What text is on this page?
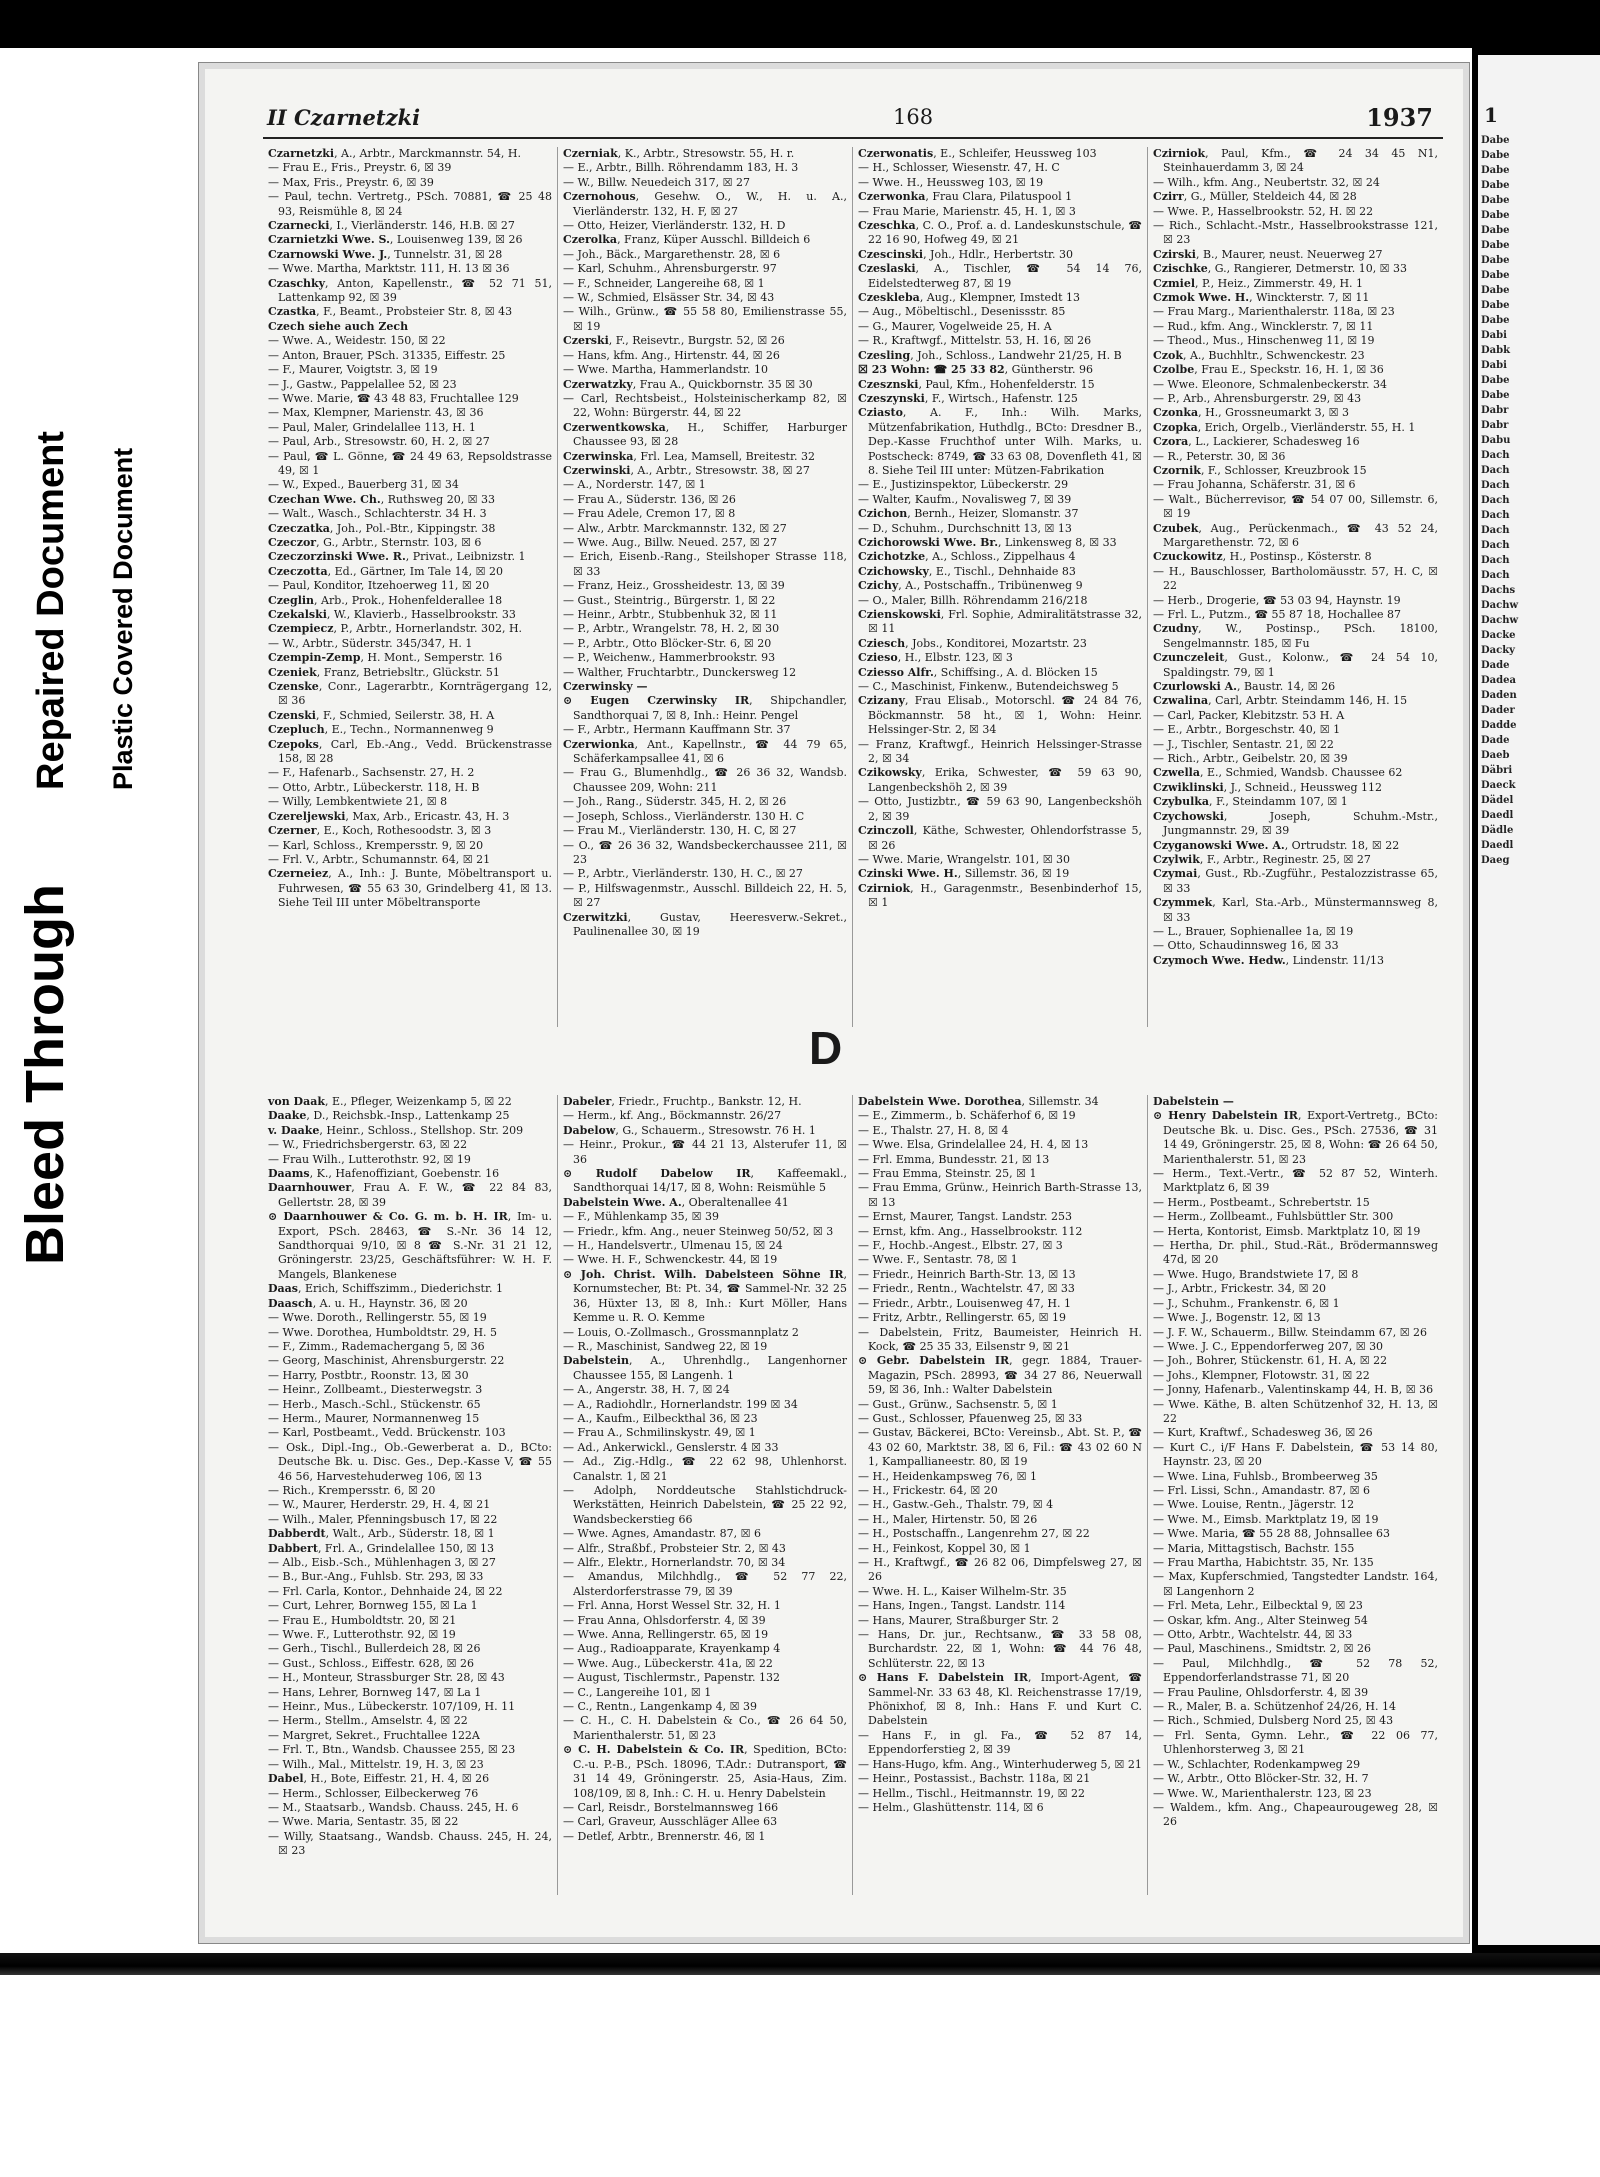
1
Dabe
Dabe
Dabe
Dabe
Dabe
Dabe
Dabe
Dabe
Dabe
Dabe
Dabe
Dabe
Dabe
Dabi
Dabk
Dabi
Dabe
Dabe
Dabr
Dabr
Dabu
Dach
Dach
Dach
Dach
Dach
Dach
Dach
Dach
Dach
Dachs
Dachw
Dachw
Dacke
Dacky
Dade
Dadea
Daden
Dader
Dadde
Dade
Daeb
Däbri
Daeck
Dädel
Daedl
Dädle
Daedl
Daeg
Bleed Through
Repaired Document Plastic Covered Document
II Czarnetzki	168	1937
Czarnetzki, A., Arbtr., Marckmannstr. 54, H.
— Frau E., Fris., Preystr. 6, ☒ 39
— Max, Fris., Preystr. 6, ☒ 39
— Paul, techn. Vertretg., PSch. 70881, ☎ 25 48 93, Reismühle 8, ☒ 24
Czarnecki, I., Vierländerstr. 146, H.B. ☒ 27
Czarnietzki Wwe. S., Louisenweg 139, ☒ 26
Czarnowski Wwe. J., Tunnelstr. 31, ☒ 28
— Wwe. Martha, Marktstr. 111, H. 13 ☒ 36
Czaschky, Anton, Kapellenstr., ☎ 52 71 51, Lattenkamp 92, ☒ 39
Czastka, F., Beamt., Probsteier Str. 8, ☒ 43
Czech siehe auch Zech
— Wwe. A., Weidestr. 150, ☒ 22
— Anton, Brauer, PSch. 31335, Eiffestr. 25
— F., Maurer, Voigtstr. 3, ☒ 19
— J., Gastw., Pappelallee 52, ☒ 23
— Wwe. Marie, ☎ 43 48 83, Fruchtallee 129
— Max, Klempner, Marienstr. 43, ☒ 36
— Paul, Maler, Grindelallee 113, H. 1
— Paul, Arb., Stresowstr. 60, H. 2, ☒ 27
— Paul, ☎ L. Gönne, ☎ 24 49 63, Repsoldstrasse 49, ☒ 1
— W., Exped., Bauerberg 31, ☒ 34
Czechan Wwe. Ch., Ruthsweg 20, ☒ 33
— Walt., Wasch., Schlachterstr. 34 H. 3
Czeczatka, Joh., Pol.-Btr., Kippingstr. 38
Czeczor, G., Arbtr., Sternstr. 103, ☒ 6
Czeczorzinski Wwe. R., Privat., Leibnizstr. 1
Czeczotta, Ed., Gärtner, Im Tale 14, ☒ 20
— Paul, Konditor, Itzehoerweg 11, ☒ 20
Czeglin, Arb., Prok., Hohenfelderallee 18
Czekalski, W., Klavierb., Hasselbrookstr. 33
Czempiecz, P., Arbtr., Hornerlandstr. 302, H.
— W., Arbtr., Süderstr. 345/347, H. 1
Czempin-Zemp, H. Mont., Semperstr. 16
Czeniek, Franz, Betriebsltr., Glückstr. 51
Czenske, Conr., Lagerarbtr., Kornträgergang 12, ☒ 36
Czenski, F., Schmied, Seilerstr. 38, H. A
Czepluch, E., Techn., Normannenweg 9
Czepoks, Carl, Eb.-Ang., Vedd. Brückenstrasse 158, ☒ 28
— F., Hafenarb., Sachsenstr. 27, H. 2
— Otto, Arbtr., Lübeckerstr. 118, H. B
— Willy, Lembkentwiete 21, ☒ 8
Czereljewski, Max, Arb., Ericastr. 43, H. 3
Czerner, E., Koch, Rothesoodstr. 3, ☒ 3
— Karl, Schloss., Krempersstr. 9, ☒ 20
— Frl. V., Arbtr., Schumannstr. 64, ☒ 21
Czerneiez, A., Inh.: J. Bunte, Möbeltransport u. Fuhrwesen, ☎ 55 63 30, Grindelberg 41, ☒ 13. Siehe Teil III unter Möbeltransporte
Czerniak, K., Arbtr., Stresowstr. 55, H. r.
— E., Arbtr., Billh. Röhrendamm 183, H. 3
— W., Billw. Neuedeich 317, ☒ 27
Czernohous, Gesehw. O., W., H. u. A., Vierländerstr. 132, H. F, ☒ 27
— Otto, Heizer, Vierländerstr. 132, H. D
Czerolka, Franz, Küper Ausschl. Billdeich 6
— Joh., Bäck., Margarethenstr. 28, ☒ 6
— Karl, Schuhm., Ahrensburgerstr. 97
— F., Schneider, Langereihe 68, ☒ 1
— W., Schmied, Elsässer Str. 34, ☒ 43
— Wilh., Grünw., ☎ 55 58 80, Emilienstrasse 55, ☒ 19
Czerski, F., Reisevtr., Burgstr. 52, ☒ 26
— Hans, kfm. Ang., Hirtenstr. 44, ☒ 26
— Wwe. Martha, Hammerlandstr. 10
Czerwatzky, Frau A., Quickbornstr. 35 ☒ 30
— Carl, Rechtsbeist., Holsteinischerkamp 82, ☒ 22, Wohn: Bürgerstr. 44, ☒ 22
Czerwentkowska, H., Schiffer, Harburger Chaussee 93, ☒ 28
Czerwinska, Frl. Lea, Mamsell, Breitestr. 32
Czerwinski, A., Arbtr., Stresowstr. 38, ☒ 27
— A., Norderstr. 147, ☒ 1
— Frau A., Süderstr. 136, ☒ 26
— Frau Adele, Cremon 17, ☒ 8
— Alw., Arbtr. Marckmannstr. 132, ☒ 27
— Wwe. Aug., Billw. Neued. 257, ☒ 27
— Erich, Eisenb.-Rang., Steilshoper Strasse 118, ☒ 33
— Franz, Heiz., Grossheidestr. 13, ☒ 39
— Gust., Steintrig., Bürgerstr. 1, ☒ 22
— Heinr., Arbtr., Stubbenhuk 32, ☒ 11
— P., Arbtr., Wrangelstr. 78, H. 2, ☒ 30
— P., Arbtr., Otto Blöcker-Str. 6, ☒ 20
— P., Weichenw., Hammerbrookstr. 93
— Walther, Fruchtarbtr., Dunckersweg 12
Czerwinsky —
⊙ Eugen Czerwinsky IR, Shipchandler, Sandthorquai 7, ☒ 8, Inh.: Heinr. Pengel
— F., Arbtr., Hermann Kauffmann Str. 37
Czerwionka, Ant., Kapellnstr., ☎ 44 79 65, Schäferkampsallee 41, ☒ 6
— Frau G., Blumenhdlg., ☎ 26 36 32, Wandsb. Chaussee 209, Wohn: 211
— Joh., Rang., Süderstr. 345, H. 2, ☒ 26
— Joseph, Schloss., Vierländerstr. 130 H. C
— Frau M., Vierländerstr. 130, H. C, ☒ 27
— O., ☎ 26 36 32, Wandsbeckerchaussee 211, ☒ 23
— P., Arbtr., Vierländerstr. 130, H. C., ☒ 27
— P., Hilfswagenmstr., Ausschl. Billdeich 22, H. 5, ☒ 27
Czerwitzki, Gustav, Heeresverw.-Sekret., Paulinenallee 30, ☒ 19
Czerwonatis, E., Schleifer, Heussweg 103
— H., Schlosser, Wiesenstr. 47, H. C
— Wwe. H., Heussweg 103, ☒ 19
Czerwonka, Frau Clara, Pilatuspool 1
— Frau Marie, Marienstr. 45, H. 1, ☒ 3
Czeschka, C. O., Prof. a. d. Landeskunstschule, ☎ 22 16 90, Hofweg 49, ☒ 21
Czescinski, Joh., Hdlr., Herbertstr. 30
Czeslaski, A., Tischler, ☎ 54 14 76, Eidelstedterweg 87, ☒ 19
Czeskleba, Aug., Klempner, Imstedt 13
— Aug., Möbeltischl., Desenissstr. 85
— G., Maurer, Vogelweide 25, H. A
— R., Kraftwgf., Mittelstr. 53, H. 16, ☒ 26
Czesling, Joh., Schloss., Landwehr 21/25, H. B
☒ 23 Wohn: ☎ 25 33 82, Güntherstr. 96
Czesznski, Paul, Kfm., Hohenfelderstr. 15
Czeszynski, F., Wirtsch., Hafenstr. 125
Cziasto, A. F., Inh.: Wilh. Marks, Mützenfabrikation, Huthdlg., BCto: Dresdner B., Dep.-Kasse Fruchthof unter Wilh. Marks, u. Postscheck: 8749, ☎ 33 63 08, Dovenfleth 41, ☒ 8. Siehe Teil III unter: Mützen-Fabrikation
— E., Justizinspektor, Lübeckerstr. 29
— Walter, Kaufm., Novalisweg 7, ☒ 39
Czichon, Bernh., Heizer, Slomanstr. 37
— D., Schuhm., Durchschnitt 13, ☒ 13
Czichorowski Wwe. Br., Linkensweg 8, ☒ 33
Czichotzke, A., Schloss., Zippelhaus 4
Czichowsky, E., Tischl., Dehnhaide 83
Czichy, A., Postschaffn., Tribünenweg 9
— O., Maler, Billh. Röhrendamm 216/218
Czienskowski, Frl. Sophie, Admiralitätstrasse 32, ☒ 11
Cziesch, Jobs., Konditorei, Mozartstr. 23
Czieso, H., Elbstr. 123, ☒ 3
Cziesso Alfr., Schiffsing., A. d. Blöcken 15
— C., Maschinist, Finkenw., Butendeichsweg 5
Czizany, Frau Elisab., Motorschl. ☎ 24 84 76, Böckmannstr. 58 ht., ☒ 1, Wohn: Heinr. Helssinger-Str. 2, ☒ 34
— Franz, Kraftwgf., Heinrich Helssinger-Strasse 2, ☒ 34
Czikowsky, Erika, Schwester, ☎ 59 63 90, Langenbeckshöh 2, ☒ 39
— Otto, Justizbtr., ☎ 59 63 90, Langenbeckshöh 2, ☒ 39
Czinczoll, Käthe, Schwester, Ohlendorfstrasse 5, ☒ 26
— Wwe. Marie, Wrangelstr. 101, ☒ 30
Czinski Wwe. H., Sillemstr. 36, ☒ 19
Czirniok, H., Garagenmstr., Besenbinderhof 15, ☒ 1
Czirniok, Paul, Kfm., ☎ 24 34 45 N1, Steinhauerdamm 3, ☒ 24
— Wilh., kfm. Ang., Neubertstr. 32, ☒ 24
Czirr, G., Müller, Steldeich 44, ☒ 28
— Wwe. P., Hasselbrookstr. 52, H. ☒ 22
— Rich., Schlacht.-Mstr., Hasselbrookstrasse 121, ☒ 23
Czirski, B., Maurer, neust. Neuerweg 27
Czischke, G., Rangierer, Detmerstr. 10, ☒ 33
Czmiel, P., Heiz., Zimmerstr. 49, H. 1
Czmok Wwe. H., Winckterstr. 7, ☒ 11
— Frau Marg., Marienthalerstr. 118a, ☒ 23
— Rud., kfm. Ang., Wincklerstr. 7, ☒ 11
— Theod., Mus., Hinschenweg 11, ☒ 19
Czok, A., Buchhltr., Schwenckestr. 23
Czolbe, Frau E., Speckstr. 16, H. 1, ☒ 36
— Wwe. Eleonore, Schmalenbeckerstr. 34
— P., Arb., Ahrensburgerstr. 29, ☒ 43
Czonka, H., Grossneumarkt 3, ☒ 3
Czopka, Erich, Orgelb., Vierländerstr. 55, H. 1
Czora, L., Lackierer, Schadesweg 16
— R., Peterstr. 30, ☒ 36
Czornik, F., Schlosser, Kreuzbrook 15
— Frau Johanna, Schäferstr. 31, ☒ 6
— Walt., Bücherrevisor, ☎ 54 07 00, Sillemstr. 6, ☒ 19
Czubek, Aug., Perückenmach., ☎ 43 52 24, Margarethenstr. 72, ☒ 6
Czuckowitz, H., Postinsp., Kösterstr. 8
— H., Bauschlosser, Bartholomäusstr. 57, H. C, ☒ 22
— Herb., Drogerie, ☎ 53 03 94, Haynstr. 19
— Frl. L., Putzm., ☎ 55 87 18, Hochallee 87
Czudny, W., Postinsp., PSch. 18100, Sengelmannstr. 185, ☒ Fu
Czunczeleit, Gust., Kolonw., ☎ 24 54 10, Spaldingstr. 79, ☒ 1
Czurlowski A., Baustr. 14, ☒ 26
Czwalina, Carl, Arbtr. Steindamm 146, H. 15
— Carl, Packer, Klebitzstr. 53 H. A
— E., Arbtr., Borgeschstr. 40, ☒ 1
— J., Tischler, Sentastr. 21, ☒ 22
— Rich., Arbtr., Geibelstr. 20, ☒ 39
Czwella, E., Schmied, Wandsb. Chaussee 62
Czwiklinski, J., Schneid., Heussweg 112
Czybulka, F., Steindamm 107, ☒ 1
Czychowski, Joseph, Schuhm.-Mstr., Jungmannstr. 29, ☒ 39
Czyganowski Wwe. A., Ortrudstr. 18, ☒ 22
Czylwik, F., Arbtr., Reginestr. 25, ☒ 27
Czymai, Gust., Rb.-Zugführ., Pestalozzistrasse 65, ☒ 33
Czymmek, Karl, Sta.-Arb., Münstermannsweg 8, ☒ 33
— L., Brauer, Sophienallee 1a, ☒ 19
— Otto, Schaudinnsweg 16, ☒ 33
Czymoch Wwe. Hedw., Lindenstr. 11/13
D
von Daak, E., Pfleger, Weizenkamp 5, ☒ 22
Daake, D., Reichsbk.-Insp., Lattenkamp 25
v. Daake, Heinr., Schloss., Stellshop. Str. 209
— W., Friedrichsbergerstr. 63, ☒ 22
— Frau Wilh., Lutterothstr. 92, ☒ 19
Daams, K., Hafenoffiziant, Goebenstr. 16
Daarnhouwer, Frau A. F. W., ☎ 22 84 83, Gellertstr. 28, ☒ 39
⊙ Daarnhouwer & Co. G. m. b. H. IR, Im- u. Export, PSch. 28463, ☎ S.-Nr. 36 14 12, Sandthorquai 9/10, ☒ 8 ☎ S.-Nr. 31 21 12, Gröningerstr. 23/25, Geschäftsführer: W. H. F. Mangels, Blankenese
Daas, Erich, Schiffszimm., Diederichstr. 1
Daasch, A. u. H., Haynstr. 36, ☒ 20
— Wwe. Doroth., Rellingerstr. 55, ☒ 19
— Wwe. Dorothea, Humboldtstr. 29, H. 5
— F., Zimm., Rademachergang 5, ☒ 36
— Georg, Maschinist, Ahrensburgerstr. 22
— Harry, Postbtr., Roonstr. 13, ☒ 30
— Heinr., Zollbeamt., Diesterwegstr. 3
— Herb., Masch.-Schl., Stückenstr. 65
— Herm., Maurer, Normannenweg 15
— Karl, Postbeamt., Vedd. Brückenstr. 103
— Osk., Dipl.-Ing., Ob.-Gewerberat a. D., BCto: Deutsche Bk. u. Disc. Ges., Dep.-Kasse V, ☎ 55 46 56, Harvestehuderweg 106, ☒ 13
— Rich., Krempersstr. 6, ☒ 20
— W., Maurer, Herderstr. 29, H. 4, ☒ 21
— Wilh., Maler, Pfenningsbusch 17, ☒ 22
Dabberdt, Walt., Arb., Süderstr. 18, ☒ 1
Dabbert, Frl. A., Grindelallee 150, ☒ 13
— Alb., Eisb.-Sch., Mühlenhagen 3, ☒ 27
— B., Bur.-Ang., Fuhlsb. Str. 293, ☒ 33
— Frl. Carla, Kontor., Dehnhaide 24, ☒ 22
— Curt, Lehrer, Bornweg 155, ☒ La 1
— Frau E., Humboldtstr. 20, ☒ 21
— Wwe. F., Lutterothstr. 92, ☒ 19
— Gerh., Tischl., Bullerdeich 28, ☒ 26
— Gust., Schloss., Eiffestr. 628, ☒ 26
— H., Monteur, Strassburger Str. 28, ☒ 43
— Hans, Lehrer, Bornweg 147, ☒ La 1
— Heinr., Mus., Lübeckerstr. 107/109, H. 11
— Herm., Stellm., Amselstr. 4, ☒ 22
— Margret, Sekret., Fruchtallee 122A
— Frl. T., Btn., Wandsb. Chaussee 255, ☒ 23
— Wilh., Mal., Mittelstr. 19, H. 3, ☒ 23
Dabel, H., Bote, Eiffestr. 21, H. 4, ☒ 26
— Herm., Schlosser, Eilbeckerweg 76
— M., Staatsarb., Wandsb. Chauss. 245, H. 6
— Wwe. Maria, Sentastr. 35, ☒ 22
— Willy, Staatsang., Wandsb. Chauss. 245, H. 24, ☒ 23
Dabeler, Friedr., Fruchtp., Bankstr. 12, H.
— Herm., kf. Ang., Böckmannstr. 26/27
Dabelow, G., Schauerm., Stresowstr. 76 H. 1
— Heinr., Prokur., ☎ 44 21 13, Alsterufer 11, ☒ 36
⊙ Rudolf Dabelow IR, Kaffeemakl., Sandthorquai 14/17, ☒ 8, Wohn: Reismühle 5
Dabelstein Wwe. A., Oberaltenallee 41
— F., Mühlenkamp 35, ☒ 39
— Friedr., kfm. Ang., neuer Steinweg 50/52, ☒ 3
— H., Handelsvertr., Ulmenau 15, ☒ 24
— Wwe. H. F., Schwenckestr. 44, ☒ 19
⊙ Joh. Christ. Wilh. Dabelsteen Söhne IR, Kornumstecher, Bt: Pt. 34, ☎ Sammel-Nr. 32 25 36, Hüxter 13, ☒ 8, Inh.: Kurt Möller, Hans Kemme u. R. O. Kemme
— Louis, O.-Zollmasch., Grossmannplatz 2
— R., Maschinist, Sandweg 22, ☒ 19
Dabelstein, A., Uhrenhdlg., Langenhorner Chaussee 155, ☒ Langenh. 1
— A., Angerstr. 38, H. 7, ☒ 24
— A., Radiohdlr., Hornerlandstr. 199 ☒ 34
— A., Kaufm., Eilbeckthal 36, ☒ 23
— Frau A., Schmilinskystr. 49, ☒ 1
— Ad., Ankerwickl., Genslerstr. 4 ☒ 33
— Ad., Zig.-Hdlg., ☎ 22 62 98, Uhlenhorst. Canalstr. 1, ☒ 21
— Adolph, Norddeutsche Stahlstichdruck-Werkstätten, Heinrich Dabelstein, ☎ 25 22 92, Wandsbeckerstieg 66
— Wwe. Agnes, Amandastr. 87, ☒ 6
— Alfr., Straßbf., Probsteier Str. 2, ☒ 43
— Alfr., Elektr., Hornerlandstr. 70, ☒ 34
— Amandus, Milchhdlg., ☎ 52 77 22, Alsterdorferstrasse 79, ☒ 39
— Frl. Anna, Horst Wessel Str. 32, H. 1
— Frau Anna, Ohlsdorferstr. 4, ☒ 39
— Wwe. Anna, Rellingerstr. 65, ☒ 19
— Aug., Radioapparate, Krayenkamp 4
— Wwe. Aug., Lübeckerstr. 41a, ☒ 22
— August, Tischlermstr., Papenstr. 132
— C., Langereihe 101, ☒ 1
— C., Rentn., Langenkamp 4, ☒ 39
— C. H., C. H. Dabelstein & Co., ☎ 26 64 50, Marienthalerstr. 51, ☒ 23
⊙ C. H. Dabelstein & Co. IR, Spedition, BCto: C.-u. P.-B., PSch. 18096, T.Adr.: Dutransport, ☎ 31 14 49, Gröningerstr. 25, Asia-Haus, Zim. 108/109, ☒ 8, Inh.: C. H. u. Henry Dabelstein
— Carl, Reisdr., Borstelmannsweg 166
— Carl, Graveur, Ausschläger Allee 63
— Detlef, Arbtr., Brennerstr. 46, ☒ 1
Dabelstein Wwe. Dorothea, Sillemstr. 34
— E., Zimmerm., b. Schäferhof 6, ☒ 19
— E., Thalstr. 27, H. 8, ☒ 4
— Wwe. Elsa, Grindelallee 24, H. 4, ☒ 13
— Frl. Emma, Bundesstr. 21, ☒ 13
— Frau Emma, Steinstr. 25, ☒ 1
— Frau Emma, Grünw., Heinrich Barth-Strasse 13, ☒ 13
— Ernst, Maurer, Tangst. Landstr. 253
— Ernst, kfm. Ang., Hasselbrookstr. 112
— F., Hochb.-Angest., Elbstr. 27, ☒ 3
— Wwe. F., Sentastr. 78, ☒ 1
— Friedr., Heinrich Barth-Str. 13, ☒ 13
— Friedr., Rentn., Wachtelstr. 47, ☒ 33
— Friedr., Arbtr., Louisenweg 47, H. 1
— Fritz, Arbtr., Rellingerstr. 65, ☒ 19
— Dabelstein, Fritz, Baumeister, Heinrich H. Kock, ☎ 25 35 33, Eilsenstr 9, ☒ 21
⊙ Gebr. Dabelstein IR, gegr. 1884, Trauer-Magazin, PSch. 28993, ☎ 34 27 86, Neuerwall 59, ☒ 36, Inh.: Walter Dabelstein
— Gust., Grünw., Sachsenstr. 5, ☒ 1
— Gust., Schlosser, Pfauenweg 25, ☒ 33
— Gustav, Bäckerei, BCto: Vereinsb., Abt. St. P., ☎ 43 02 60, Marktstr. 38, ☒ 6, Fil.: ☎ 43 02 60 N 1, Kampallianeestr. 80, ☒ 19
— H., Heidenkampsweg 76, ☒ 1
— H., Frickestr. 64, ☒ 20
— H., Gastw.-Geh., Thalstr. 79, ☒ 4
— H., Maler, Hirtenstr. 50, ☒ 26
— H., Postschaffn., Langenrehm 27, ☒ 22
— H., Feinkost, Koppel 30, ☒ 1
— H., Kraftwgf., ☎ 26 82 06, Dimpfelsweg 27, ☒ 26
— Wwe. H. L., Kaiser Wilhelm-Str. 35
— Hans, Ingen., Tangst. Landstr. 114
— Hans, Maurer, Straßburger Str. 2
— Hans, Dr. jur., Rechtsanw., ☎ 33 58 08, Burchardstr. 22, ☒ 1, Wohn: ☎ 44 76 48, Schlüterstr. 22, ☒ 13
⊙ Hans F. Dabelstein IR, Import-Agent, ☎ Sammel-Nr. 33 63 48, Kl. Reichenstrasse 17/19, Phönixhof, ☒ 8, Inh.: Hans F. und Kurt C. Dabelstein
— Hans F., in gl. Fa., ☎ 52 87 14, Eppendorferstieg 2, ☒ 39
— Hans-Hugo, kfm. Ang., Winterhuderweg 5, ☒ 21
— Heinr., Postassist., Bachstr. 118a, ☒ 21
— Hellm., Tischl., Heitmannstr. 19, ☒ 22
— Helm., Glashüttenstr. 114, ☒ 6
Dabelstein —
⊙ Henry Dabelstein IR, Export-Vertretg., BCto: Deutsche Bk. u. Disc. Ges., PSch. 27536, ☎ 31 14 49, Gröningerstr. 25, ☒ 8, Wohn: ☎ 26 64 50, Marienthalerstr. 51, ☒ 23
— Herm., Text.-Vertr., ☎ 52 87 52, Winterh. Marktplatz 6, ☒ 39
— Herm., Postbeamt., Schrebertstr. 15
— Herm., Zollbeamt., Fuhlsbüttler Str. 300
— Herta, Kontorist, Eimsb. Marktplatz 10, ☒ 19
— Hertha, Dr. phil., Stud.-Rät., Brödermannsweg 47d, ☒ 20
— Wwe. Hugo, Brandstwiete 17, ☒ 8
— J., Arbtr., Frickestr. 34, ☒ 20
— J., Schuhm., Frankenstr. 6, ☒ 1
— Wwe. J., Bogenstr. 12, ☒ 13
— J. F. W., Schauerm., Billw. Steindamm 67, ☒ 26
— Wwe. J. C., Eppendorferweg 207, ☒ 30
— Joh., Bohrer, Stückenstr. 61, H. A, ☒ 22
— Johs., Klempner, Flotowstr. 31, ☒ 22
— Jonny, Hafenarb., Valentinskamp 44, H. B, ☒ 36
— Wwe. Käthe, B. alten Schützenhof 32, H. 13, ☒ 22
— Kurt, Kraftwf., Schadesweg 36, ☒ 26
— Kurt C., i/F Hans F. Dabelstein, ☎ 53 14 80, Haynstr. 23, ☒ 20
— Wwe. Lina, Fuhlsb., Brombeerweg 35
— Frl. Lissi, Schn., Amandastr. 87, ☒ 6
— Wwe. Louise, Rentn., Jägerstr. 12
— Wwe. M., Eimsb. Marktplatz 19, ☒ 19
— Wwe. Maria, ☎ 55 28 88, Johnsallee 63
— Maria, Mittagstisch, Bachstr. 155
— Frau Martha, Habichtstr. 35, Nr. 135
— Max, Kupferschmied, Tangstedter Landstr. 164, ☒ Langenhorn 2
— Frl. Meta, Lehr., Eilbecktal 9, ☒ 23
— Oskar, kfm. Ang., Alter Steinweg 54
— Otto, Arbtr., Wachtelstr. 44, ☒ 33
— Paul, Maschinens., Smidtstr. 2, ☒ 26
— Paul, Milchhdlg., ☎ 52 78 52, Eppendorferlandstrasse 71, ☒ 20
— Frau Pauline, Ohlsdorferstr. 4, ☒ 39
— R., Maler, B. a. Schützenhof 24/26, H. 14
— Rich., Schmied, Dulsberg Nord 25, ☒ 43
— Frl. Senta, Gymn. Lehr., ☎ 22 06 77, Uhlenhorsterweg 3, ☒ 21
— W., Schlachter, Rodenkampweg 29
— W., Arbtr., Otto Blöcker-Str. 32, H. 7
— Wwe. W., Marienthalerstr. 123, ☒ 23
— Waldem., kfm. Ang., Chapeaurougeweg 28, ☒ 26
